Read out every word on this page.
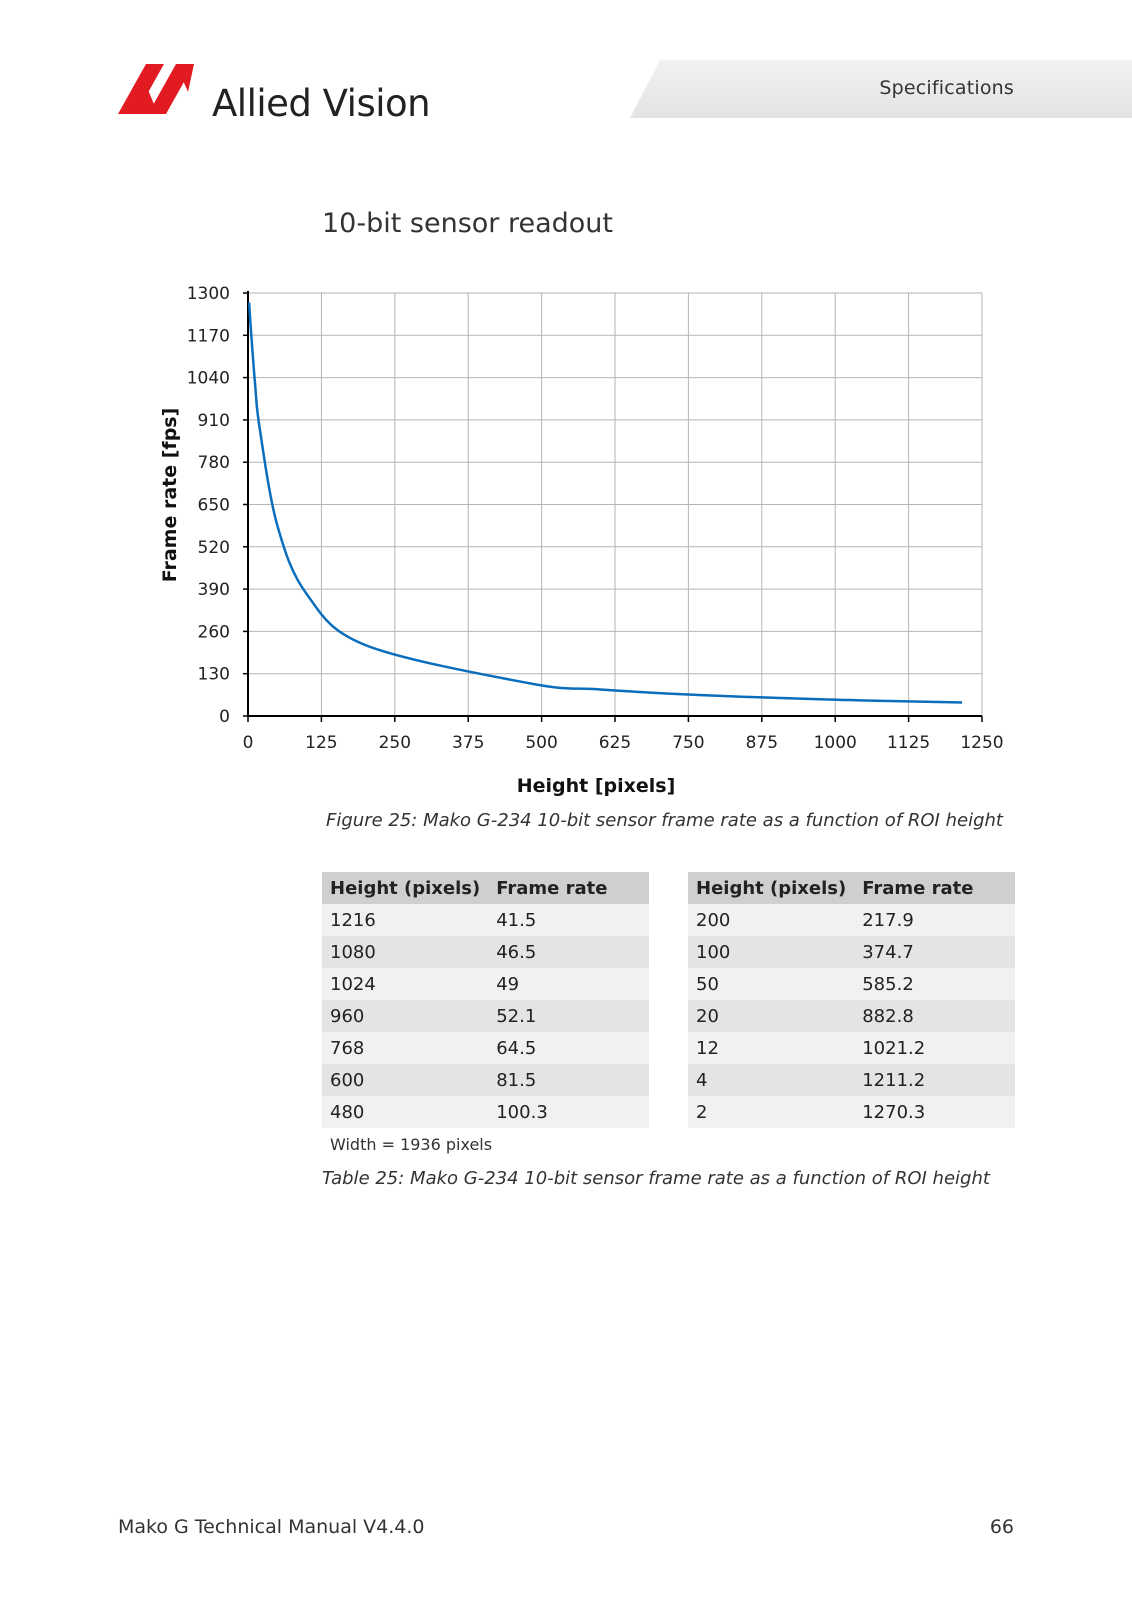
Specifications
Allied Vision
10-bit sensor readout
0
130
260
390
520
650
780
910
1040
1170
1300
0	125 250 375 500 625 750 875 1000 1125 1250
Frame rate [fps]
Height [pixels]
Figure 25: Mako G-234 10-bit sensor frame rate as a function of ROI height
Height (pixels)	Frame rate
1216	41.5
1080	46.5
1024	49
960	52.1
768	64.5
600	81.5
480	100.3
Height (pixels)	Frame rate
200	217.9
100	374.7
50	585.2
20	882.8
12	1021.2
4	1211.2
2	1270.3
Width = 1936 pixels
Table 25: Mako G-234 10-bit sensor frame rate as a function of ROI height
Mako G Technical Manual V4.4.0	66
